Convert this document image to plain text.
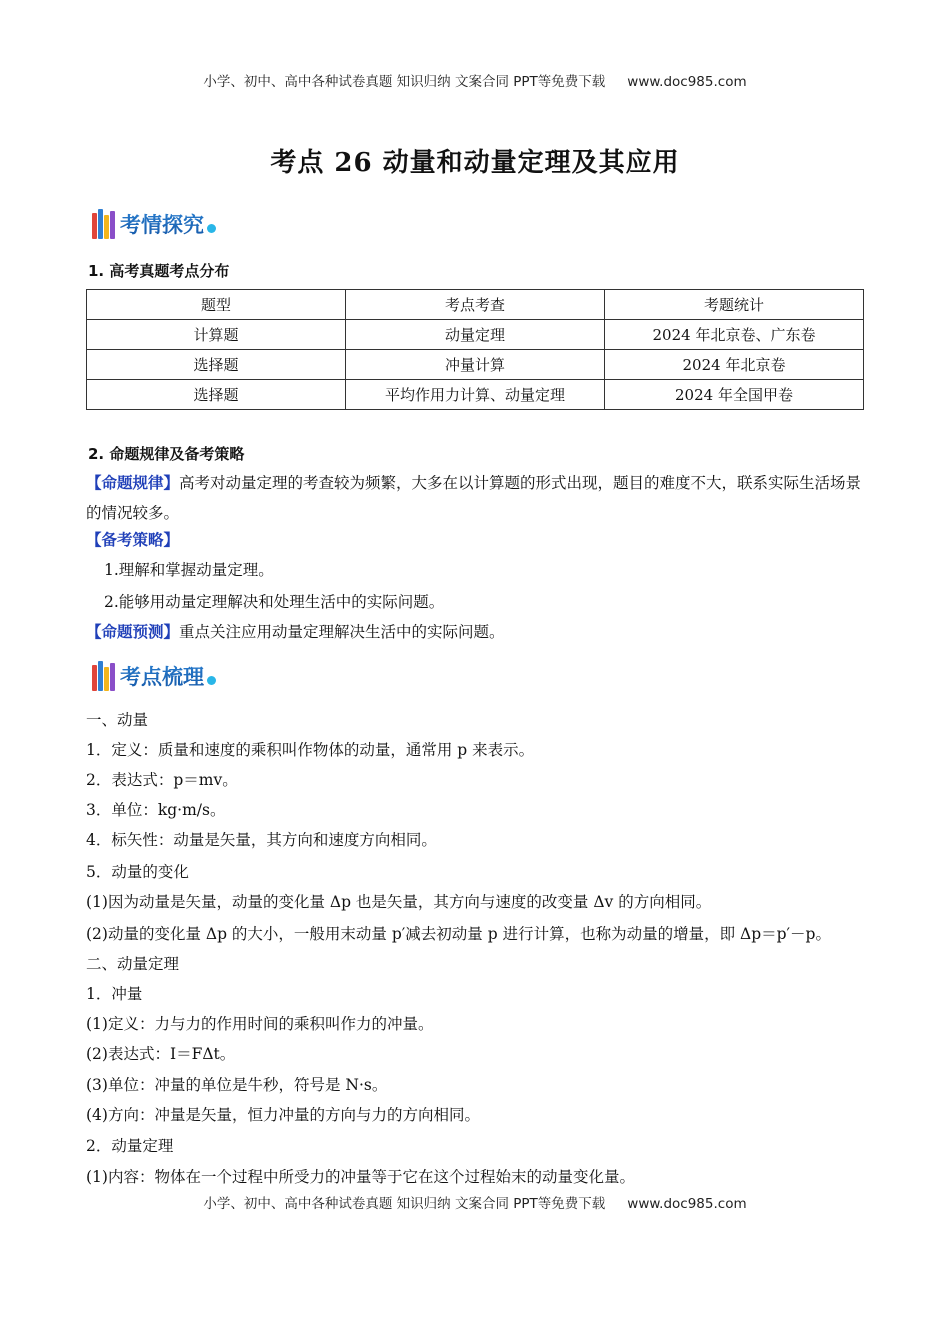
小学、初中、高中各种试卷真题 知识归纳 文案合同 PPT等免费下载 www.doc985.com
考点 26 动量和动量定理及其应用
考情探究
1. 高考真题考点分布
题型	考点考查	考题统计
计算题	动量定理	2024 年北京卷、广东卷
选择题	冲量计算	2024 年北京卷
选择题	平均作用力计算、动量定理	2024 年全国甲卷
2. 命题规律及备考策略
【命题规律】高考对动量定理的考查较为频繁，大多在以计算题的形式出现，题目的难度不大，联系实际生活场景的情况较多。
【备考策略】
1.理解和掌握动量定理。
2.能够用动量定理解决和处理生活中的实际问题。
【命题预测】重点关注应用动量定理解决生活中的实际问题。
考点梳理
一、动量
1．定义：质量和速度的乘积叫作物体的动量，通常用 p 来表示。
2．表达式：p＝mv。
3．单位：kg·m/s。
4．标矢性：动量是矢量，其方向和速度方向相同。
5．动量的变化
(1)因为动量是矢量，动量的变化量 Δp 也是矢量，其方向与速度的改变量 Δv 的方向相同。
(2)动量的变化量 Δp 的大小，一般用末动量 p′减去初动量 p 进行计算，也称为动量的增量，即 Δp＝p′－p。
二、动量定理
1．冲量
(1)定义：力与力的作用时间的乘积叫作力的冲量。
(2)表达式：I＝FΔt。
(3)单位：冲量的单位是牛秒，符号是 N·s。
(4)方向：冲量是矢量，恒力冲量的方向与力的方向相同。
2．动量定理
(1)内容：物体在一个过程中所受力的冲量等于它在这个过程始末的动量变化量。
小学、初中、高中各种试卷真题 知识归纳 文案合同 PPT等免费下载 www.doc985.com
